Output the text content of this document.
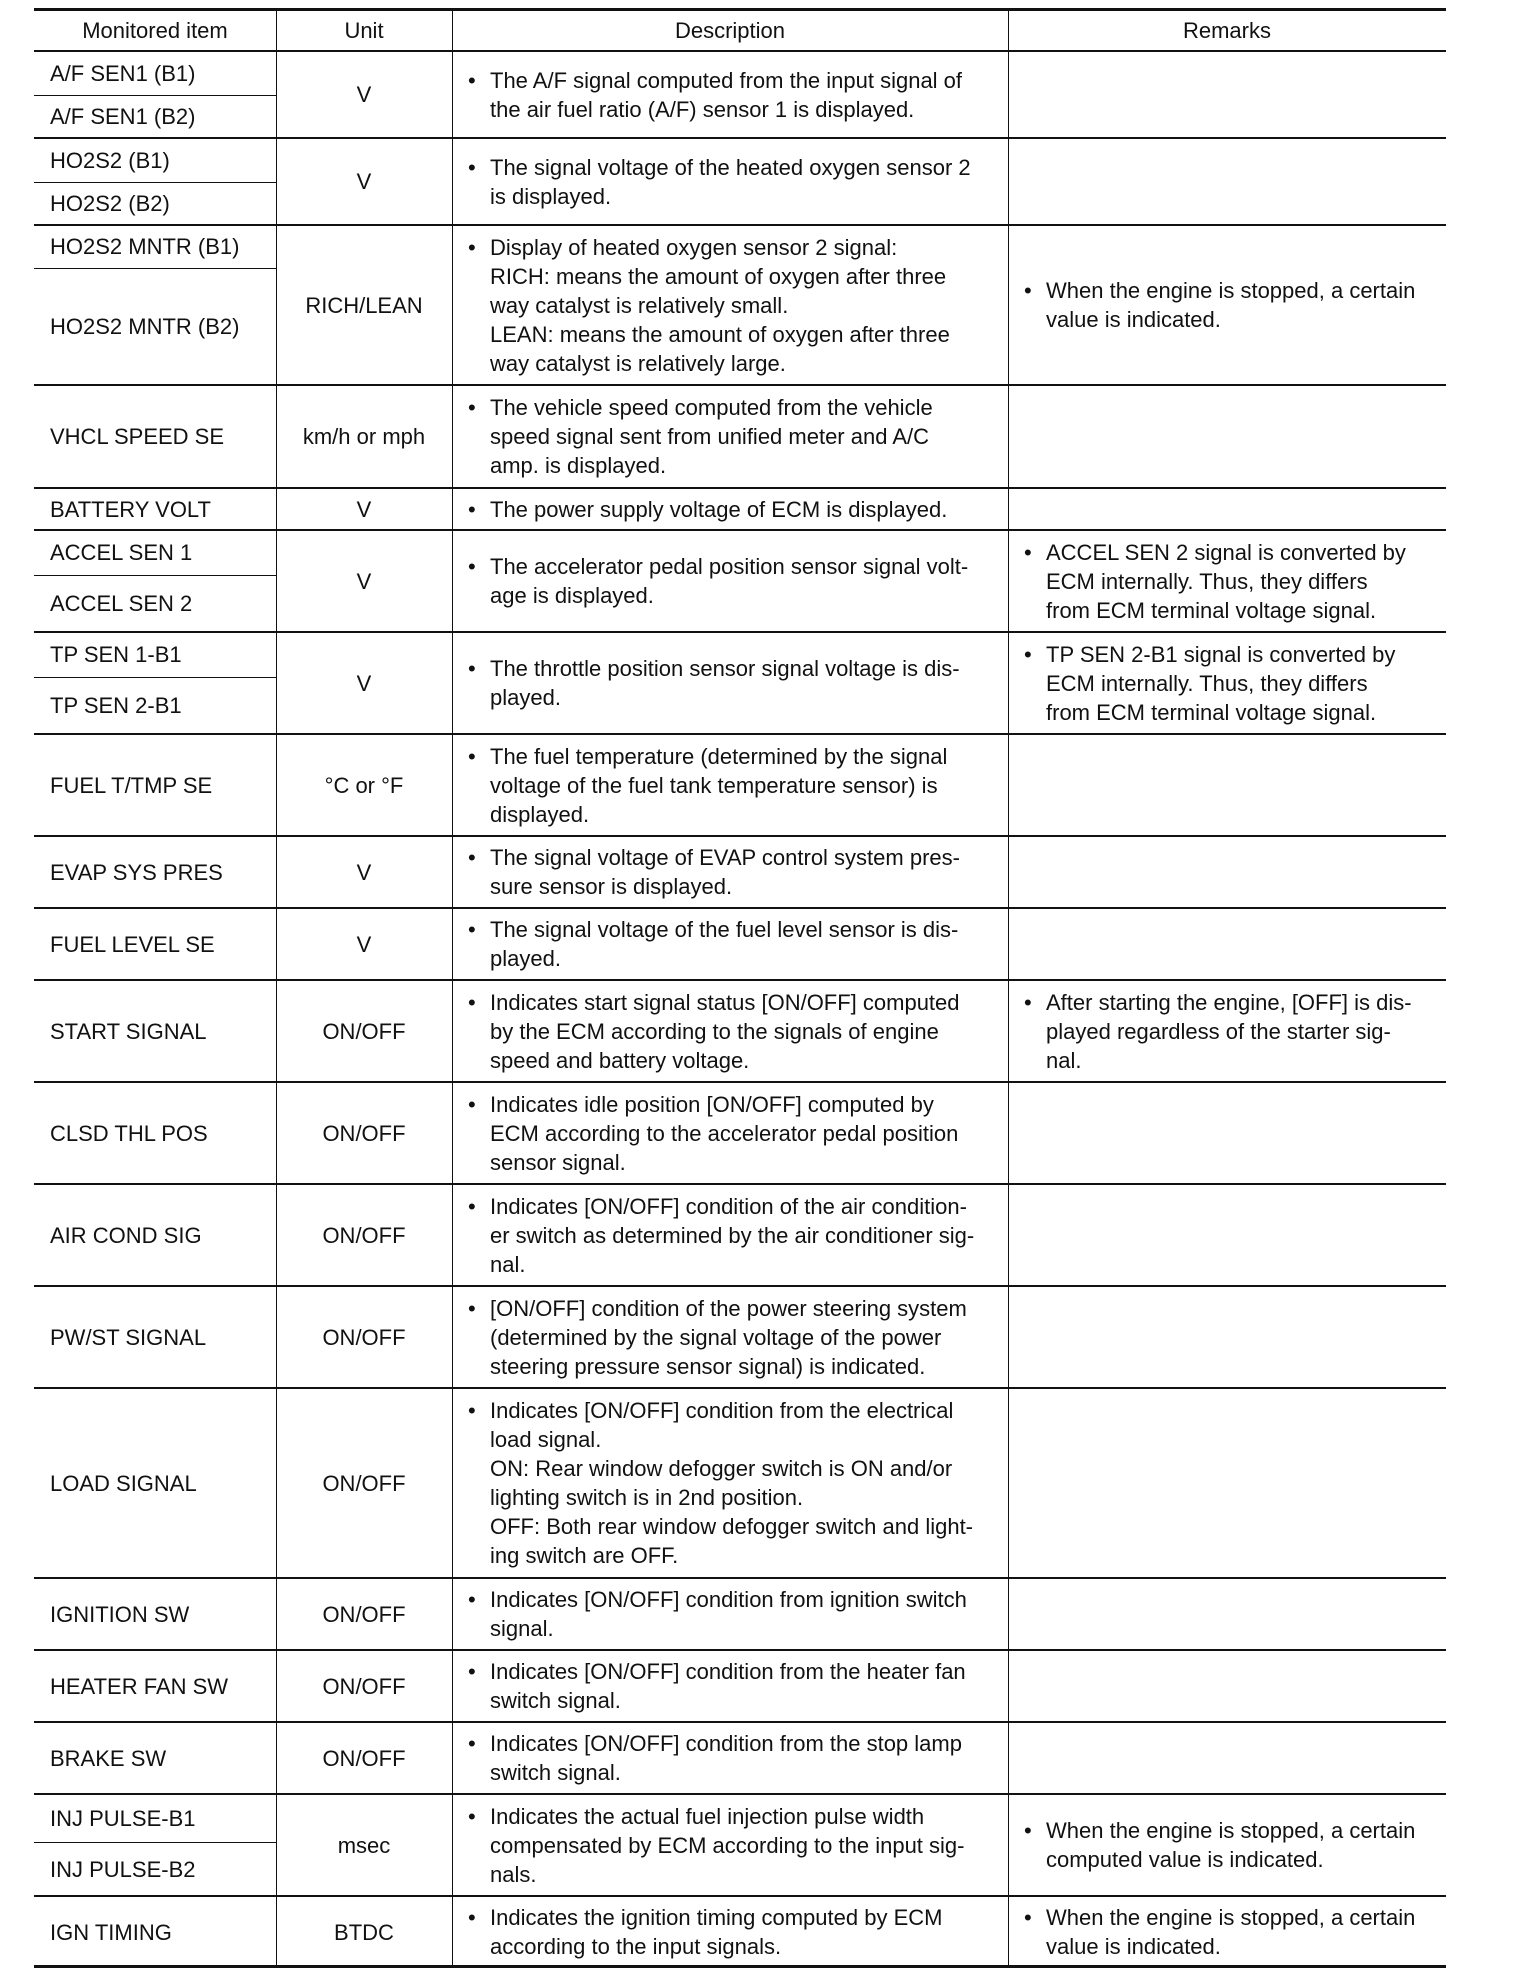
Monitored item	Unit	Description	Remarks
A/F SEN1 (B1)
A/F SEN1 (B2)
V
• The A/F signal computed from the input signal of
the air fuel ratio (A/F) sensor 1 is displayed.
HO2S2 (B1)
HO2S2 (B2)
V
• The signal voltage of the heated oxygen sensor 2
is displayed.
HO2S2 MNTR (B1)
HO2S2 MNTR (B2)
RICH/LEAN
• Display of heated oxygen sensor 2 signal:
RICH: means the amount of oxygen after three
way catalyst is relatively small.
LEAN: means the amount of oxygen after three
way catalyst is relatively large.
• When the engine is stopped, a certain
value is indicated.
VHCL SPEED SE	km/h or mph
• The vehicle speed computed from the vehicle
speed signal sent from unified meter and A/C
amp. is displayed.
BATTERY VOLT	V
•	The power supply voltage of ECM is displayed.
ACCEL SEN 1
ACCEL SEN 2
V
• The accelerator pedal position sensor signal volt-
age is displayed.
• ACCEL SEN 2 signal is converted by
ECM internally. Thus, they differs
from ECM terminal voltage signal.
TP SEN 1-B1
TP SEN 2-B1
V
• The throttle position sensor signal voltage is dis-
played.
• TP SEN 2-B1 signal is converted by
ECM internally. Thus, they differs
from ECM terminal voltage signal.
FUEL T/TMP SE	°C or °F
• The fuel temperature (determined by the signal
voltage of the fuel tank temperature sensor) is
displayed.
EVAP SYS PRES	V
• The signal voltage of EVAP control system pres-
sure sensor is displayed.
FUEL LEVEL SE	V
• The signal voltage of the fuel level sensor is dis-
played.
START SIGNAL	ON/OFF
• Indicates start signal status [ON/OFF] computed
by the ECM according to the signals of engine
speed and battery voltage.
• After starting the engine, [OFF] is dis-
played regardless of the starter sig-
nal.
CLSD THL POS	ON/OFF
• Indicates idle position [ON/OFF] computed by
ECM according to the accelerator pedal position
sensor signal.
AIR COND SIG	ON/OFF
• Indicates [ON/OFF] condition of the air condition-
er switch as determined by the air conditioner sig-
nal.
PW/ST SIGNAL	ON/OFF
• [ON/OFF] condition of the power steering system
(determined by the signal voltage of the power
steering pressure sensor signal) is indicated.
LOAD SIGNAL	ON/OFF
• Indicates [ON/OFF] condition from the electrical
load signal.
ON: Rear window defogger switch is ON and/or
lighting switch is in 2nd position.
OFF: Both rear window defogger switch and light-
ing switch are OFF.
IGNITION SW	ON/OFF
• Indicates [ON/OFF] condition from ignition switch
signal.
HEATER FAN SW	ON/OFF
• Indicates [ON/OFF] condition from the heater fan
switch signal.
BRAKE SW	ON/OFF
• Indicates [ON/OFF] condition from the stop lamp
switch signal.
INJ PULSE-B1
INJ PULSE-B2
msec
• Indicates the actual fuel injection pulse width
compensated by ECM according to the input sig-
nals.
• When the engine is stopped, a certain
computed value is indicated.
IGN TIMING	BTDC
• Indicates the ignition timing computed by ECM
according to the input signals.
• When the engine is stopped, a certain
value is indicated.
